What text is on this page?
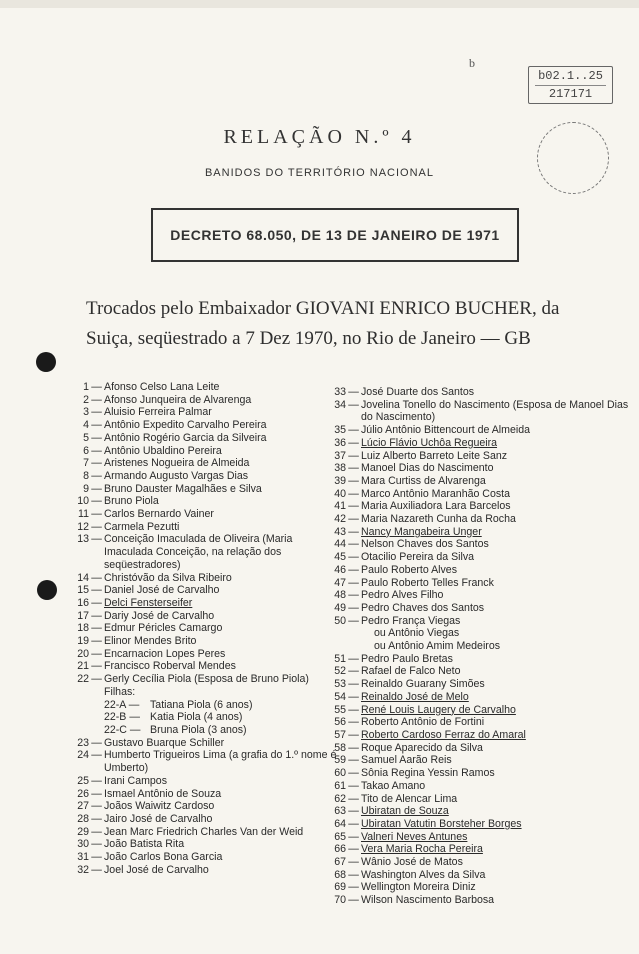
b
b02.1..25
217171
RELAÇÃO N.º 4
BANIDOS DO TERRITÓRIO NACIONAL
DECRETO 68.050, DE 13 DE JANEIRO DE 1971
Trocados pelo Embaixador GIOVANI ENRICO BUCHER, da Suiça, seqüestrado a 7 Dez 1970, no Rio de Janeiro — GB
1 — Afonso Celso Lana Leite
2 — Afonso Junqueira de Alvarenga
3 — Aluisio Ferreira Palmar
4 — Antônio Expedito Carvalho Pereira
5 — Antônio Rogério Garcia da Silveira
6 — Antônio Ubaldino Pereira
7 — Aristenes Nogueira de Almeida
8 — Armando Augusto Vargas Dias
9 — Bruno Dauster Magalhães e Silva
10 — Bruno Piola
11 — Carlos Bernardo Vainer
12 — Carmela Pezutti
13 — Conceição Imaculada de Oliveira (Maria Imaculada Conceição, na relação dos seqüestradores)
14 — Christóvão da Silva Ribeiro
15 — Daniel José de Carvalho
16 — Delci Fensterseifer
17 — Dariy José de Carvalho
18 — Edmur Péricles Camargo
19 — Elinor Mendes Brito
20 — Encarnacion Lopes Peres
21 — Francisco Roberval Mendes
22 — Gerly Cecília Piola (Esposa de Bruno Piola)
Filhas:
22-A —	Tatiana Piola (6 anos)
22-B — Katia Piola (4 anos)
22-C — Bruna Piola (3 anos)
23 — Gustavo Buarque Schiller
24 — Humberto Trigueiros Lima (a grafia do 1.º nome é Umberto)
25 — Irani Campos
26 — Ismael Antônio de Souza
27 — Joãos Waiwitz Cardoso
28 — Jairo José de Carvalho
29 — Jean Marc Friedrich Charles Van der Weid
30 — João Batista Rita
31 — João Carlos Bona Garcia
32 — Joel José de Carvalho
33 — José Duarte dos Santos
34 — Jovelina Tonello do Nascimento (Esposa de Manoel Dias do Nascimento)
35 — Júlio Antônio Bittencourt de Almeida
36 — Lúcio Flávio Uchôa Regueira
37 — Luiz Alberto Barreto Leite Sanz
38 — Manoel Dias do Nascimento
39 — Mara Curtiss de Alvarenga
40 — Marco Antônio Maranhão Costa
41 — Maria Auxiliadora Lara Barcelos
42 — Maria Nazareth Cunha da Rocha
43 — Nancy Mangabeira Unger
44 — Nelson Chaves dos Santos
45 — Otacilio Pereira da Silva
46 — Paulo Roberto Alves
47 — Paulo Roberto Telles Franck
48 — Pedro Alves Filho
49 — Pedro Chaves dos Santos
50 — Pedro França Viegas
ou Antônio Viegas
ou Antônio Amim Medeiros
51 — Pedro Paulo Bretas
52 — Rafael de Falco Neto
53 — Reinaldo Guarany Simões
54 — Reinaldo José de Melo
55 — René Louis Laugery de Carvalho
56 — Roberto Antônio de Fortini
57 — Roberto Cardoso Ferraz do Amaral
58 — Roque Aparecido da Silva
59 — Samuel Aarão Reis
60 — Sônia Regina Yessin Ramos
61 — Takao Amano
62 — Tito de Alencar Lima
63 — Ubiratan de Souza
64 — Ubiratan Vatutin Borsteher Borges
65 — Valneri Neves Antunes
66 — Vera Maria Rocha Pereira
67 — Wânio José de Matos
68 — Washington Alves da Silva
69 — Wellington Moreira Diniz
70 — Wilson Nascimento Barbosa
